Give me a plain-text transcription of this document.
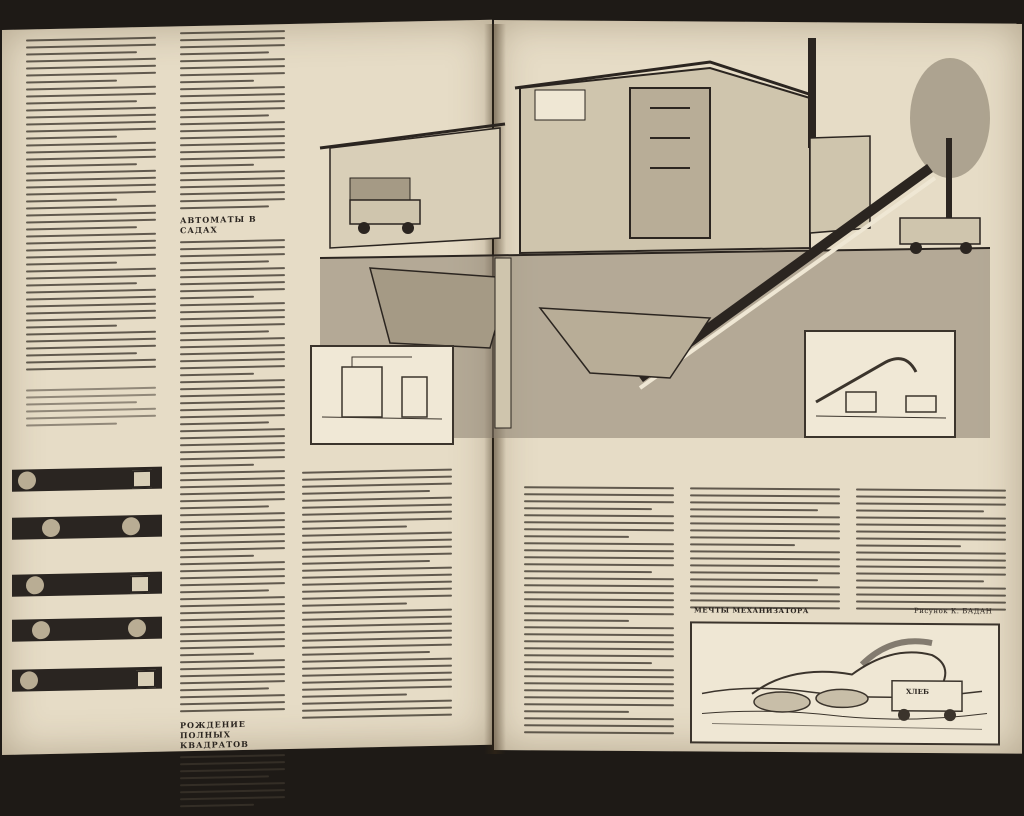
АВТОМАТЫ В САДАХ
РОЖДЕНИЕ ПОЛНЫХ КВАДРАТОВ
МЕЧТЫ МЕХАНИЗАТОРА	Рисунок К. БАДАН
ХЛЕБ
